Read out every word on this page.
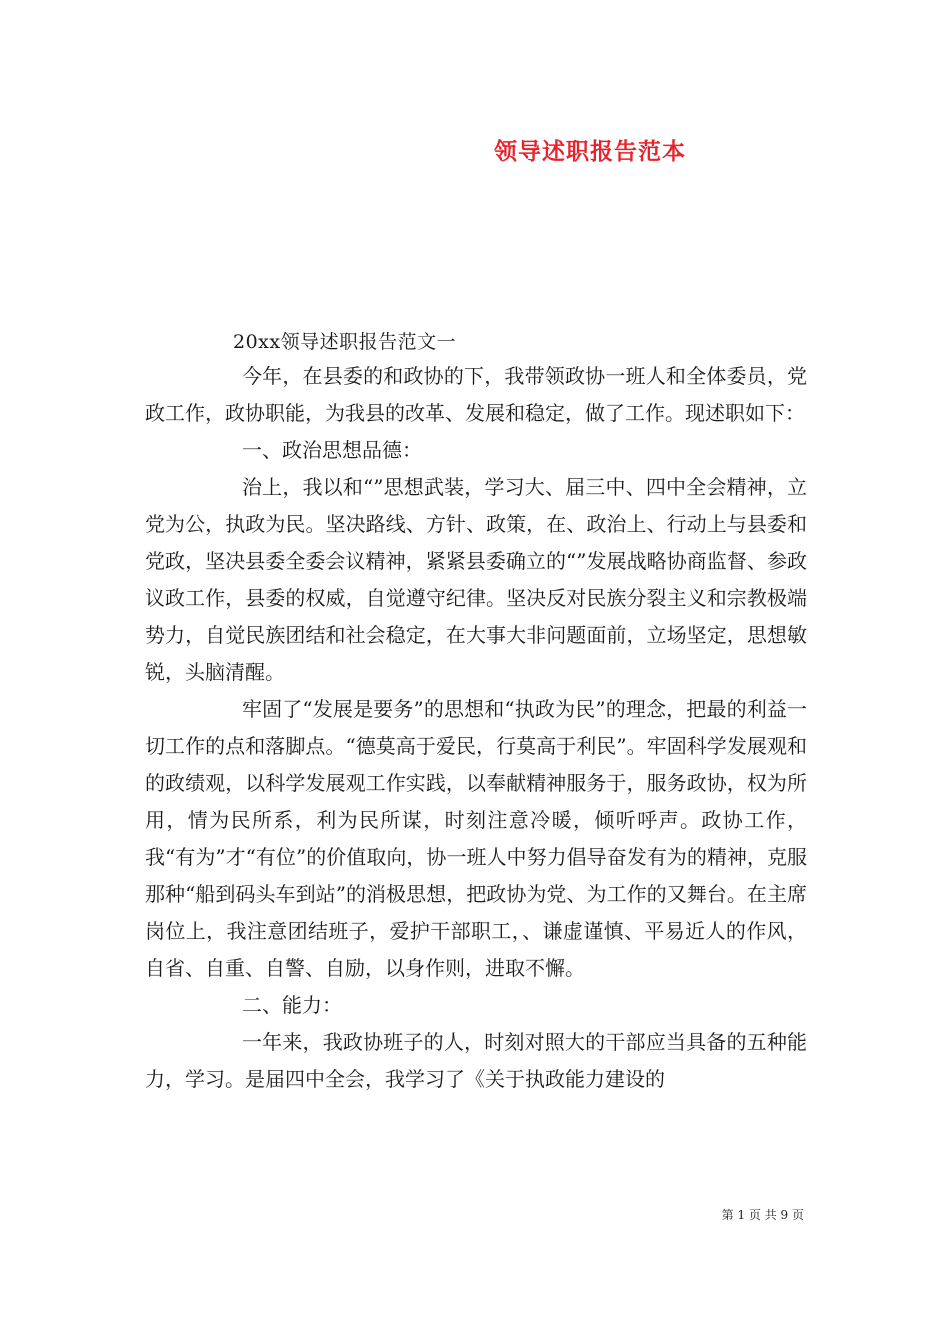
领导述职报告范本

20xx领导述职报告范文一

今年，在县委的和政协的下，我带领政协一班人和全体委员，党政工作，政协职能，为我县的改革、发展和稳定，做了工作。现述职如下：

一、政治思想品德：

治上，我以和“”思想武装，学习大、届三中、四中全会精神，立党为公，执政为民。坚决路线、方针、政策，在、政治上、行动上与县委和党政，坚决县委全委会议精神，紧紧县委确立的“”发展战略协商监督、参政议政工作，县委的权威，自觉遵守纪律。坚决反对民族分裂主义和宗教极端势力，自觉民族团结和社会稳定，在大事大非问题面前，立场坚定，思想敏锐，头脑清醒。

牢固了“发展是要务”的思想和“执政为民”的理念，把最的利益一切工作的点和落脚点。“德莫高于爱民，行莫高于利民”。牢固科学发展观和的政绩观，以科学发展观工作实践，以奉献精神服务于，服务政协，权为所用，情为民所系，利为民所谋，时刻注意冷暖，倾听呼声。政协工作，我“有为”才“有位”的价值取向，协一班人中努力倡导奋发有为的精神，克服那种“船到码头车到站”的消极思想，把政协为党、为工作的又舞台。在主席岗位上，我注意团结班子，爱护干部职工，、谦虚谨慎、平易近人的作风，自省、自重、自警、自励，以身作则，进取不懈。

二、能力：

一年来，我政协班子的人，时刻对照大的干部应当具备的五种能力，学习。是届四中全会，我学习了《关于执政能力建设的

第 1 页 共 9 页
